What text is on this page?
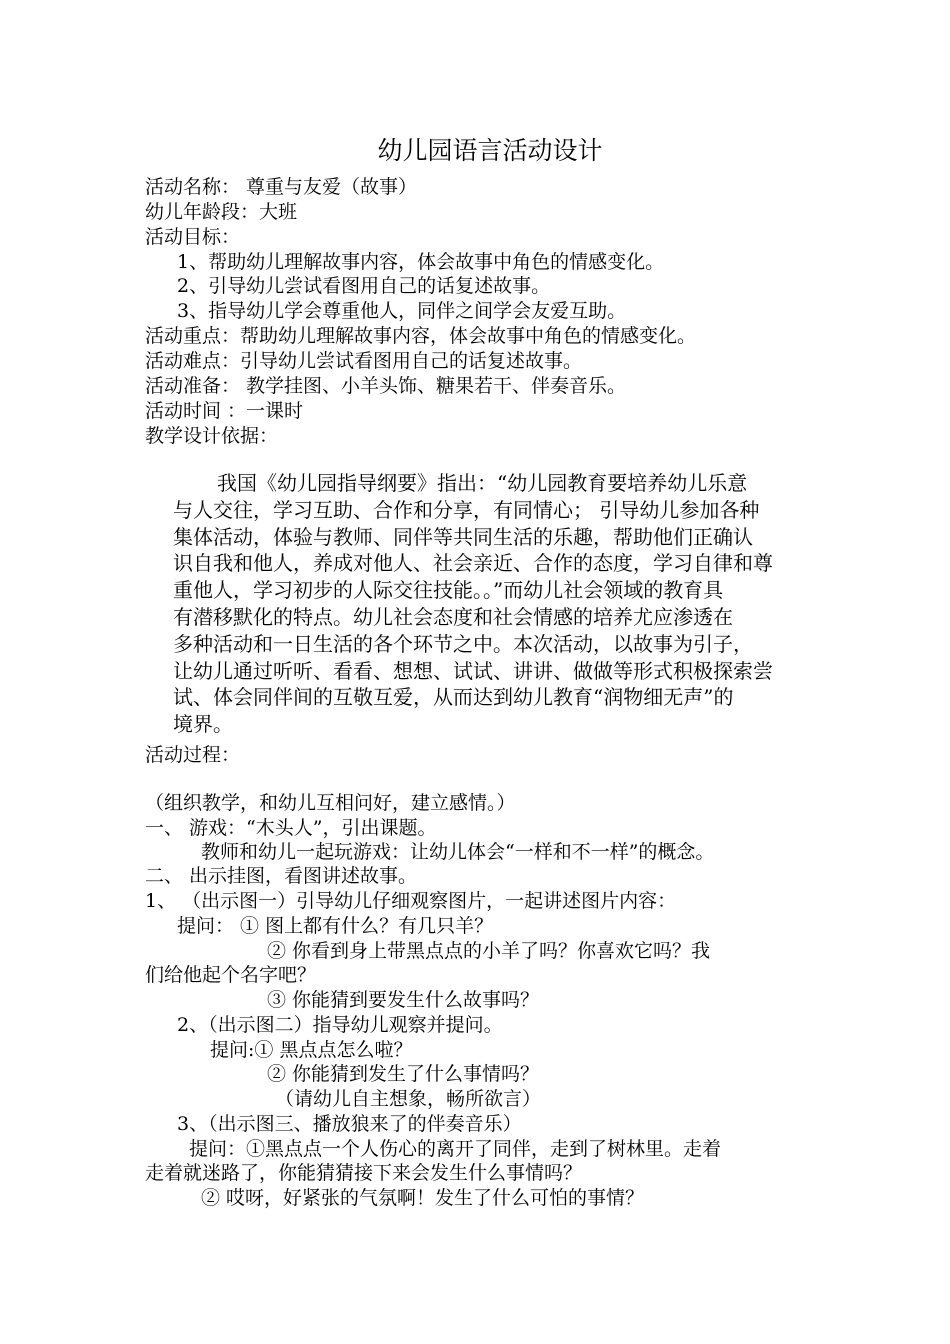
幼儿园语言活动设计
活动名称： 尊重与友爱（故事）
幼儿年龄段：大班
活动目标：
1、帮助幼儿理解故事内容，体会故事中角色的情感变化。
2、引导幼儿尝试看图用自己的话复述故事。
3、指导幼儿学会尊重他人，同伴之间学会友爱互助。
活动重点：帮助幼儿理解故事内容，体会故事中角色的情感变化。
活动难点：引导幼儿尝试看图用自己的话复述故事。
活动准备： 教学挂图、小羊头饰、糖果若干、伴奏音乐。
活动时间 ：一课时
教学设计依据：
我国《幼儿园指导纲要》指出：“幼儿园教育要培养幼儿乐意
与人交往，学习互助、合作和分享，有同情心； 引导幼儿参加各种
集体活动，体验与教师、同伴等共同生活的乐趣，帮助他们正确认
识自我和他人，养成对他人、社会亲近、合作的态度，学习自律和尊
重他人，学习初步的人际交往技能。。”而幼儿社会领域的教育具
有潜移默化的特点。幼儿社会态度和社会情感的培养尤应渗透在
多种活动和一日生活的各个环节之中。本次活动，以故事为引子，
让幼儿通过听听、看看、想想、试试、讲讲、做做等形式积极探索尝
试、体会同伴间的互敬互爱，从而达到幼儿教育“润物细无声”的
境界。
活动过程：
（组织教学，和幼儿互相问好，建立感情。）
一、 游戏：“木头人”，引出课题。
教师和幼儿一起玩游戏：让幼儿体会“一样和不一样”的概念。
二、 出示挂图，看图讲述故事。
1、 （出示图一）引导幼儿仔细观察图片，一起讲述图片内容：
提问： ① 图上都有什么？有几只羊？
② 你看到身上带黑点点的小羊了吗？你喜欢它吗？我
们给他起个名字吧？
③ 你能猜到要发生什么故事吗？
2、（出示图二）指导幼儿观察并提问。
提问:① 黑点点怎么啦？
② 你能猜到发生了什么事情吗？
（请幼儿自主想象，畅所欲言）
3、（出示图三、播放狼来了的伴奏音乐）
提问：①黑点点一个人伤心的离开了同伴，走到了树林里。走着
走着就迷路了，你能猜猜接下来会发生什么事情吗？
② 哎呀，好紧张的气氛啊！发生了什么可怕的事情？
